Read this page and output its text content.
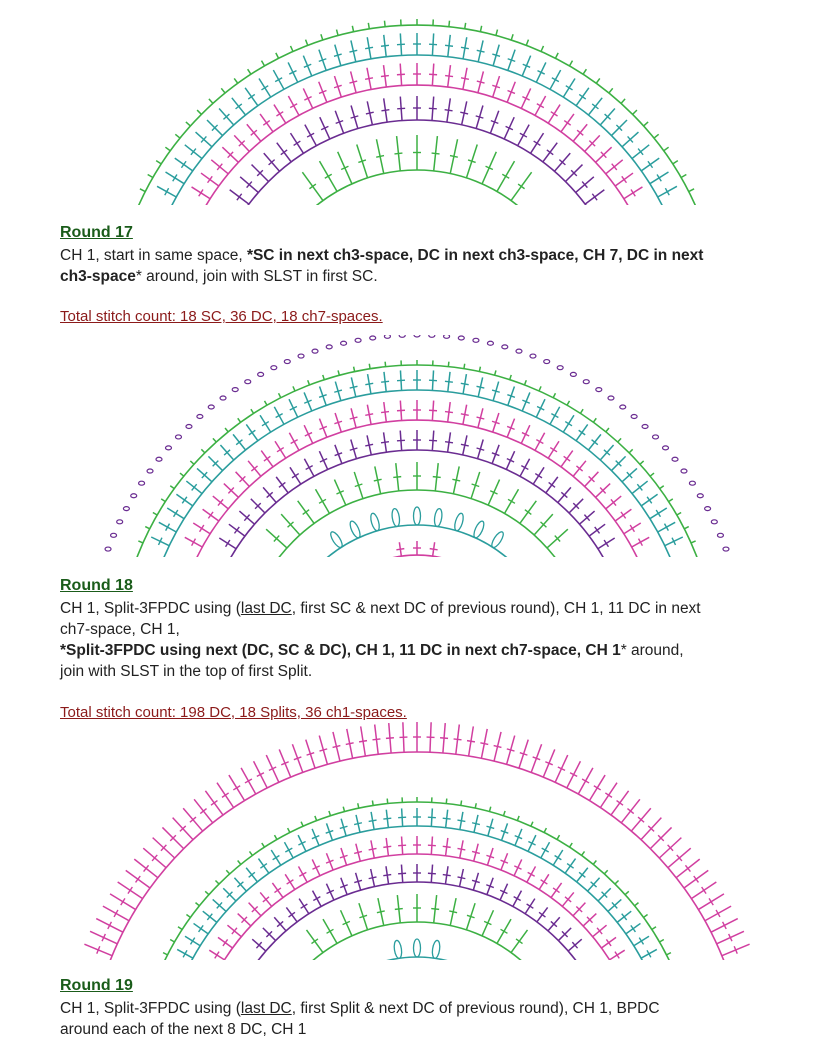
Round 17
CH 1, start in same space, *SC in next ch3-space, DC in next ch3-space, CH 7, DC in next
ch3-space* around, join with SLST in first SC.
Total stitch count: 18 SC, 36 DC, 18 ch7-spaces.
Round 18
CH 1, Split-3FPDC using (last DC, first SC & next DC of previous round), CH 1, 11 DC in next
ch7-space, CH 1,
*Split-3FPDC using next (DC, SC & DC), CH 1, 11 DC in next ch7-space, CH 1* around,
join with SLST in the top of first Split.
Total stitch count: 198 DC, 18 Splits, 36 ch1-spaces.
Round 19
CH 1, Split-3FPDC using (last DC, first Split & next DC of previous round), CH 1, BPDC
around each of the next 8 DC, CH 1
